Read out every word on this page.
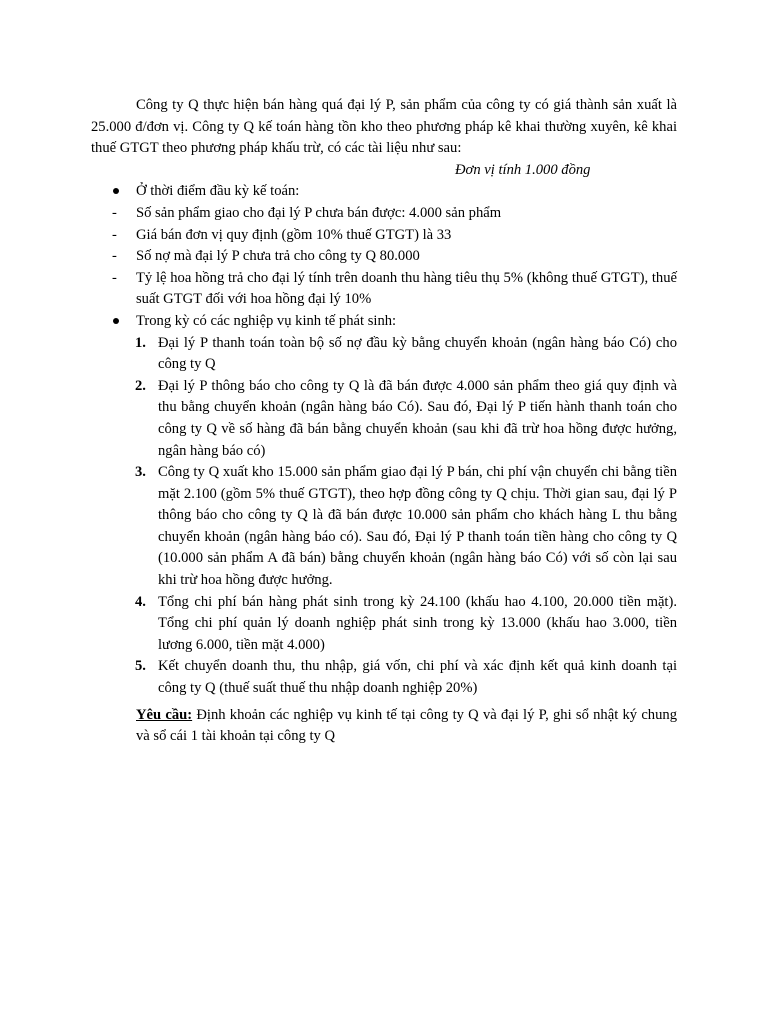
Công ty Q thực hiện bán hàng quá đại lý P, sản phẩm của công ty có giá thành sản xuất là 25.000 đ/đơn vị. Công ty Q kế toán hàng tồn kho theo phương pháp kê khai thường xuyên, kê khai thuế GTGT theo phương pháp khấu trừ, có các tài liệu như sau:

Đơn vị tính 1.000 đồng

Ở thời điểm đầu kỳ kế toán:
-	Số sản phẩm giao cho đại lý P chưa bán được: 4.000 sản phẩm
-	Giá bán đơn vị quy định (gồm 10% thuế GTGT) là 33
-	Số nợ mà đại lý P chưa trả cho công ty Q 80.000
-	Tỷ lệ hoa hồng trả cho đại lý tính trên doanh thu hàng tiêu thụ 5% (không thuế GTGT), thuế suất GTGT đối với hoa hồng đại lý 10%
Trong kỳ có các nghiệp vụ kinh tế phát sinh:
1. Đại lý P thanh toán toàn bộ số nợ đầu kỳ bằng chuyển khoản (ngân hàng báo Có) cho công ty Q
2. Đại lý P thông báo cho công ty Q là đã bán được 4.000 sản phẩm theo giá quy định và thu bằng chuyển khoản (ngân hàng báo Có). Sau đó, Đại lý P tiến hành thanh toán cho công ty Q về số hàng đã bán bằng chuyển khoản (sau khi đã trừ hoa hồng được hưởng, ngân hàng báo có)
3. Công ty Q xuất kho 15.000 sản phẩm giao đại lý P bán, chi phí vận chuyển chi bằng tiền mặt 2.100 (gồm 5% thuế GTGT), theo hợp đồng công ty Q chịu. Thời gian sau, đại lý P thông báo cho công ty Q là đã bán được 10.000 sản phẩm cho khách hàng L thu bằng chuyển khoản (ngân hàng báo có). Sau đó, Đại lý P thanh toán tiền hàng cho công ty Q (10.000 sản phẩm A đã bán) bằng chuyển khoản (ngân hàng báo Có) với số còn lại sau khi trừ hoa hồng được hưởng.
4. Tổng chi phí bán hàng phát sinh trong kỳ 24.100 (khấu hao 4.100, 20.000 tiền mặt). Tổng chi phí quản lý doanh nghiệp phát sinh trong kỳ 13.000 (khấu hao 3.000, tiền lương 6.000, tiền mặt 4.000)
5. Kết chuyển doanh thu, thu nhập, giá vốn, chi phí và xác định kết quả kinh doanh tại công ty Q (thuế suất thuế thu nhập doanh nghiệp 20%)

Yêu cầu: Định khoản các nghiệp vụ kinh tế tại công ty Q và đại lý P, ghi sổ nhật ký chung và sổ cái 1 tài khoản tại công ty Q
